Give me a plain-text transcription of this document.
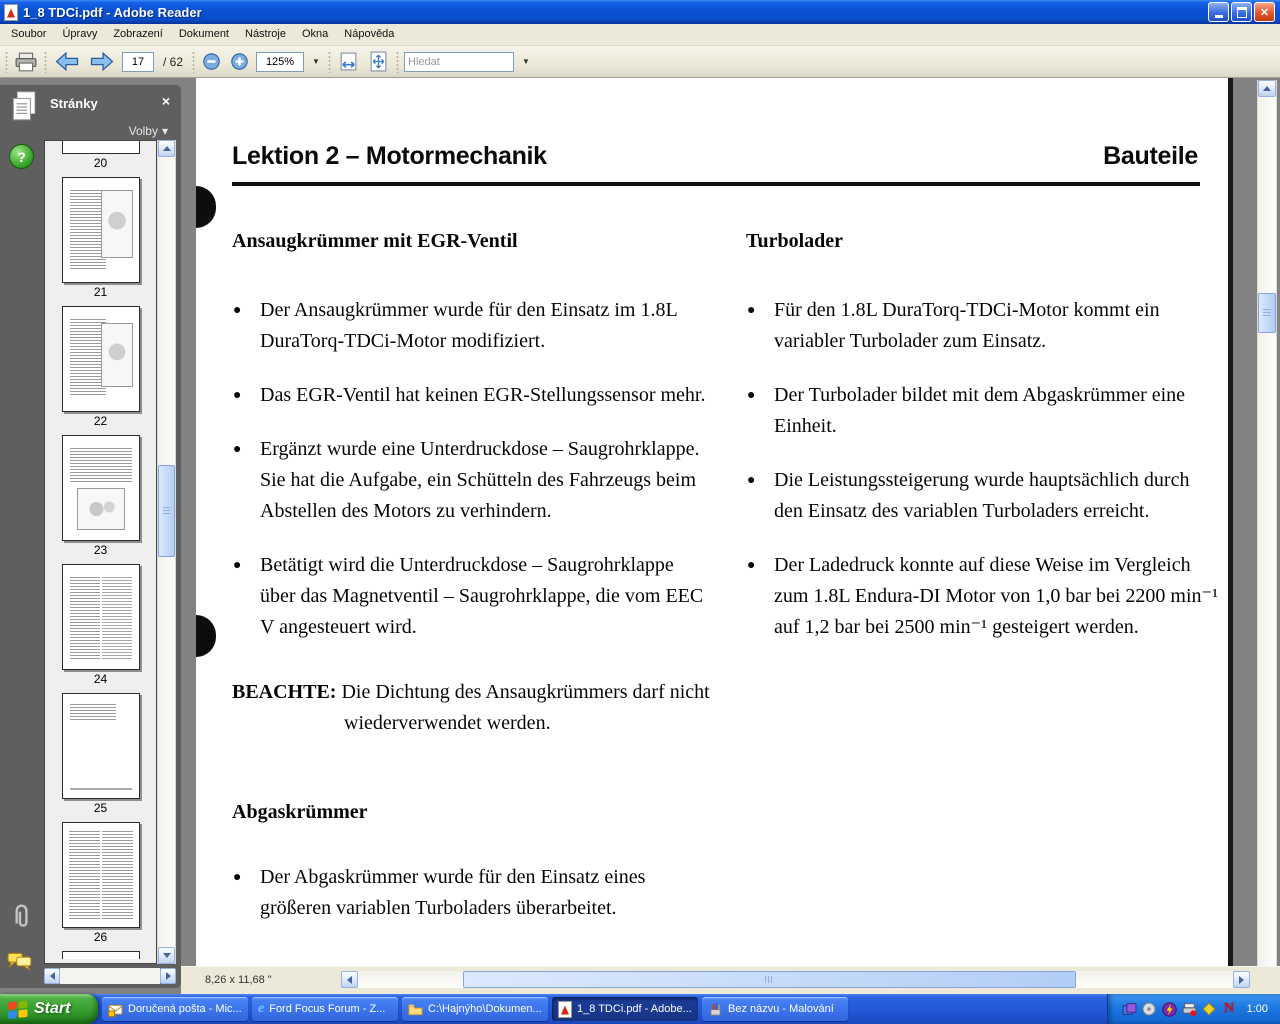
1_8 TDCi.pdf - Adobe Reader	✕
Soubor	Úpravy	Zobrazení	Dokument	Nástroje	Okna	Nápověda
17
/ 62
125%	▼
Hledat	▼
Lektion 2 – Motormechanik	Bauteile
Ansaugkrümmer mit EGR-Ventil
● Der Ansaugkrümmer wurde für den Einsatz im 1.8L DuraTorq-TDCi-Motor modifiziert.
● Das EGR-Ventil hat keinen EGR-Stellungssensor mehr.
● Ergänzt wurde eine Unterdruckdose – Saugrohrklappe. Sie hat die Aufgabe, ein Schütteln des Fahrzeugs beim Abstellen des Motors zu verhindern.
● Betätigt wird die Unterdruckdose – Saugrohrklappe über das Magnetventil – Saugrohrklappe, die vom EEC V angesteuert wird.
BEACHTE: Die Dichtung des Ansaugkrümmers darf nicht wiederverwendet werden.
Abgaskrümmer
● Der Abgaskrümmer wurde für den Einsatz eines größeren variablen Turboladers überarbeitet.
Turbolader
● Für den 1.8L DuraTorq-TDCi-Motor kommt ein variabler Turbolader zum Einsatz.
● Der Turbolader bildet mit dem Abgaskrümmer eine Einheit.
● Die Leistungssteigerung wurde hauptsächlich durch den Einsatz des variablen Turboladers erreicht.
● Der Ladedruck konnte auf diese Weise im Vergleich zum 1.8L Endura-DI Motor von 1,0 bar bei 2200 min⁻¹ auf 1,2 bar bei 2500 min⁻¹ gesteigert werden.
8,26 x 11,68 "
Stránky	×
Volby ▾
?	20
21
22
23
24
25
26
Start	Doručená pošta - Mic... e Ford Focus Forum - Z...	C:\Hajnýho\Dokumen...	1_8 TDCi.pdf - Adobe...	Bez názvu - Malování	N 1:00
